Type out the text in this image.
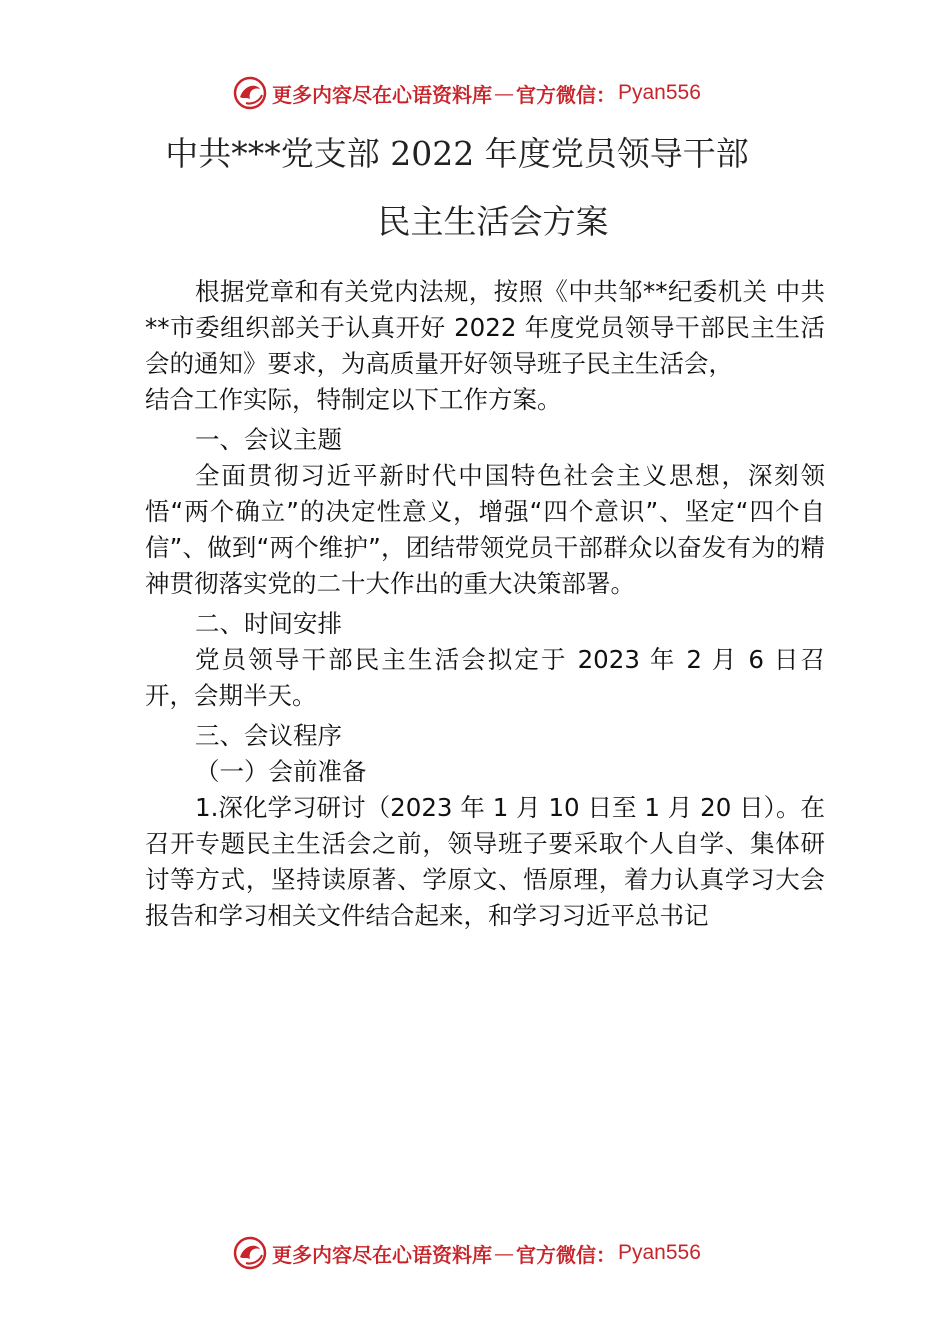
更多内容尽在心语资料库 — 官方微信： Pyan556
中共***党支部 2022 年度党员领导干部
民主生活会方案

根据党章和有关党内法规，按照《中共邹**纪委机关 中共**市委组织部关于认真开好 2022 年度党员领导干部民主生活会的通知》要求，为高质量开好领导班子民主生活会，

结合工作实际，特制定以下工作方案。

一、会议主题

全面贯彻习近平新时代中国特色社会主义思想，深刻领悟“两个确立”的决定性意义，增强“四个意识”、坚定“四个自信”、做到“两个维护”，团结带领党员干部群众以奋发有为的精神贯彻落实党的二十大作出的重大决策部署。

二、时间安排

党员领导干部民主生活会拟定于 2023 年 2 月 6 日召开，会期半天。

三、会议程序

（一）会前准备

1.深化学习研讨（2023 年 1 月 10 日至 1 月 20 日）。在召开专题民主生活会之前，领导班子要采取个人自学、集体研讨等方式，坚持读原著、学原文、悟原理，着力认真学习大会报告和学习相关文件结合起来，和学习习近平总书记

更多内容尽在心语资料库 — 官方微信： Pyan556
